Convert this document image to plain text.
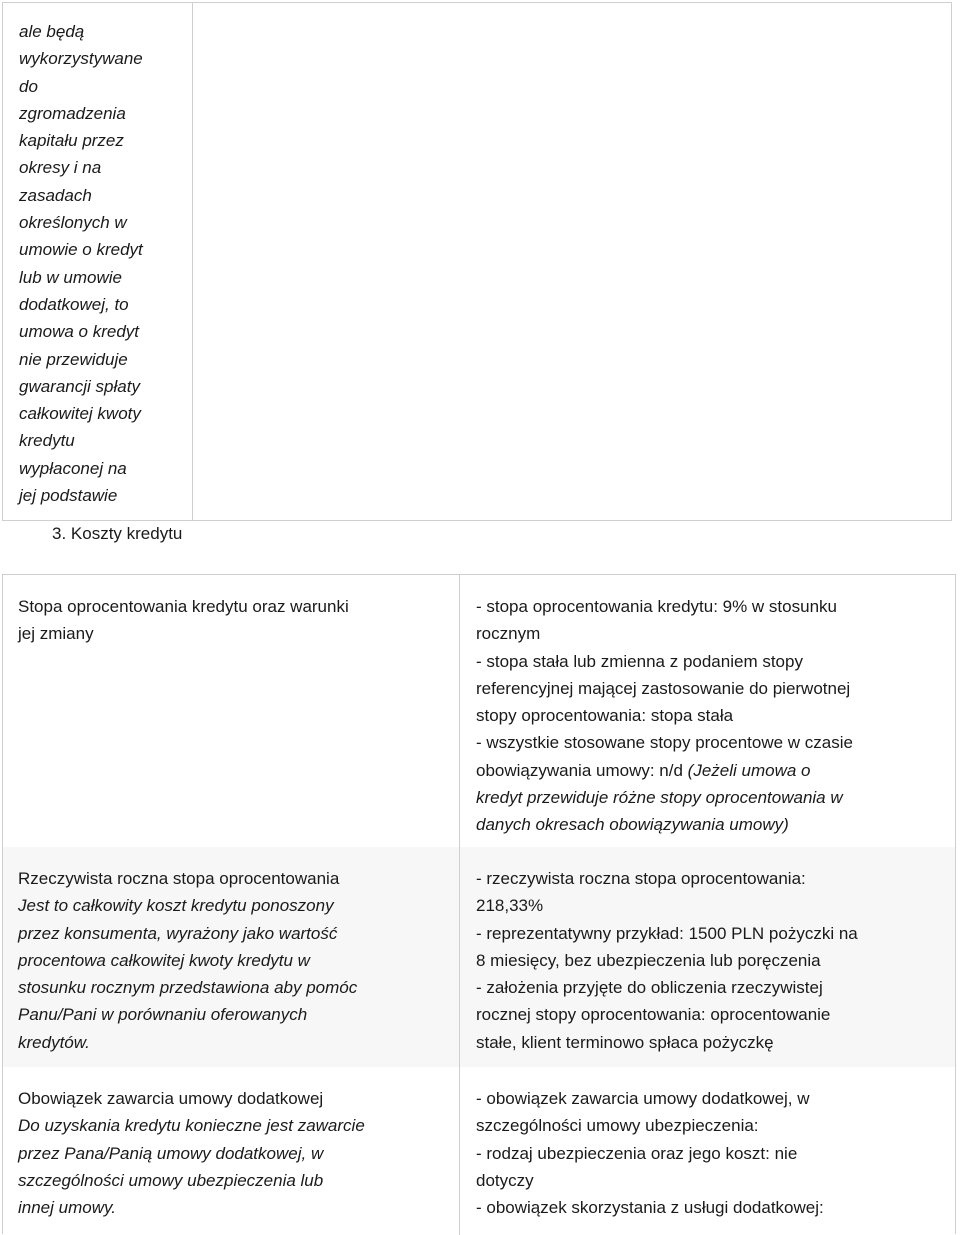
ale będą
wykorzystywane
do
zgromadzenia
kapitału przez
okresy i na
zasadach
określonych w
umowie o kredyt
lub w umowie
dodatkowej, to
umowa o kredyt
nie przewiduje
gwarancji spłaty
całkowitej kwoty
kredytu
wypłaconej na
jej podstawie
3. Koszty kredytu
Stopa oprocentowania kredytu oraz warunki
jej zmiany
- stopa oprocentowania kredytu: 9% w stosunku
rocznym
- stopa stała lub zmienna z podaniem stopy
referencyjnej mającej zastosowanie do pierwotnej
stopy oprocentowania: stopa stała
- wszystkie stosowane stopy procentowe w czasie
obowiązywania umowy: n/d (Jeżeli umowa o
kredyt przewiduje różne stopy oprocentowania w
danych okresach obowiązywania umowy)
Rzeczywista roczna stopa oprocentowania
Jest to całkowity koszt kredytu ponoszony
przez konsumenta, wyrażony jako wartość
procentowa całkowitej kwoty kredytu w
stosunku rocznym przedstawiona aby pomóc
Panu/Pani w porównaniu oferowanych
kredytów.
- rzeczywista roczna stopa oprocentowania:
218,33%
- reprezentatywny przykład: 1500 PLN pożyczki na
8 miesięcy, bez ubezpieczenia lub poręczenia
- założenia przyjęte do obliczenia rzeczywistej
rocznej stopy oprocentowania: oprocentowanie
stałe, klient terminowo spłaca pożyczkę
Obowiązek zawarcia umowy dodatkowej
Do uzyskania kredytu konieczne jest zawarcie
przez Pana/Panią umowy dodatkowej, w
szczególności umowy ubezpieczenia lub
innej umowy.
- obowiązek zawarcia umowy dodatkowej, w
szczególności umowy ubezpieczenia:
- rodzaj ubezpieczenia oraz jego koszt: nie
dotyczy
- obowiązek skorzystania z usługi dodatkowej:
